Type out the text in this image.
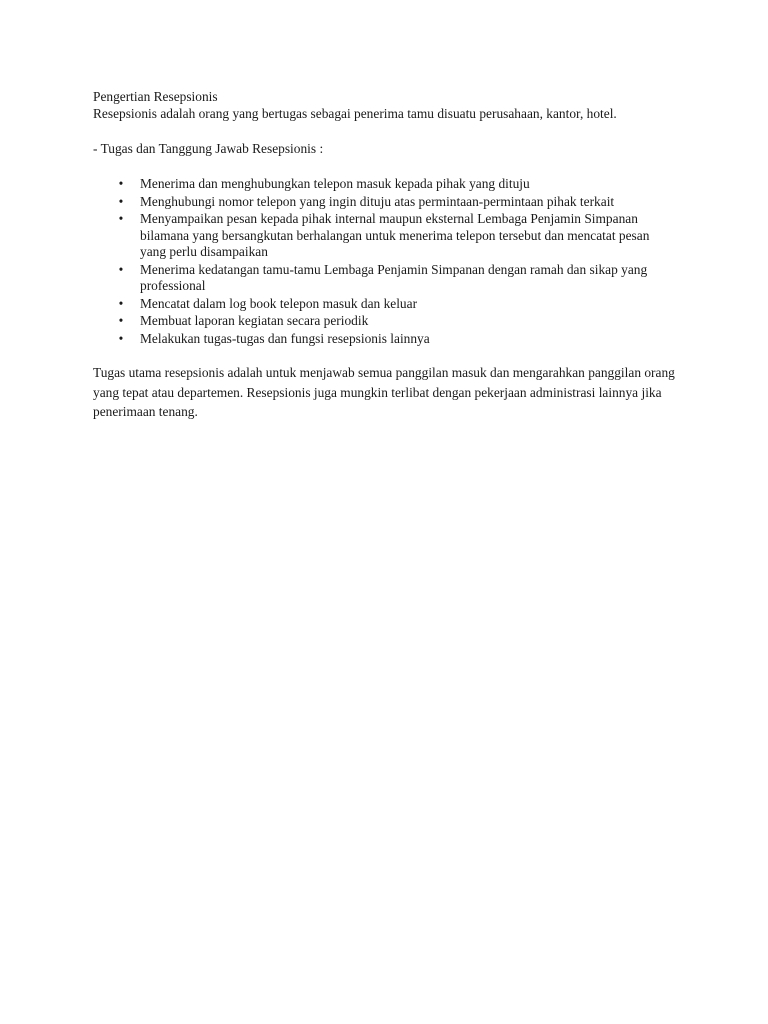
Pengertian Resepsionis

Resepsionis adalah orang yang bertugas sebagai penerima tamu disuatu perusahaan, kantor, hotel.

- Tugas dan Tanggung Jawab Resepsionis :

• Menerima dan menghubungkan telepon masuk kepada pihak yang dituju
• Menghubungi nomor telepon yang ingin dituju atas permintaan-permintaan pihak terkait
• Menyampaikan pesan kepada pihak internal maupun eksternal Lembaga Penjamin Simpanan bilamana yang bersangkutan berhalangan untuk menerima telepon tersebut dan mencatat pesan yang perlu disampaikan
• Menerima kedatangan tamu-tamu Lembaga Penjamin Simpanan dengan ramah dan sikap yang professional
• Mencatat dalam log book telepon masuk dan keluar
• Membuat laporan kegiatan secara periodik
• Melakukan tugas-tugas dan fungsi resepsionis lainnya

Tugas utama resepsionis adalah untuk menjawab semua panggilan masuk dan mengarahkan panggilan orang yang tepat atau departemen. Resepsionis juga mungkin terlibat dengan pekerjaan administrasi lainnya jika penerimaan tenang.
